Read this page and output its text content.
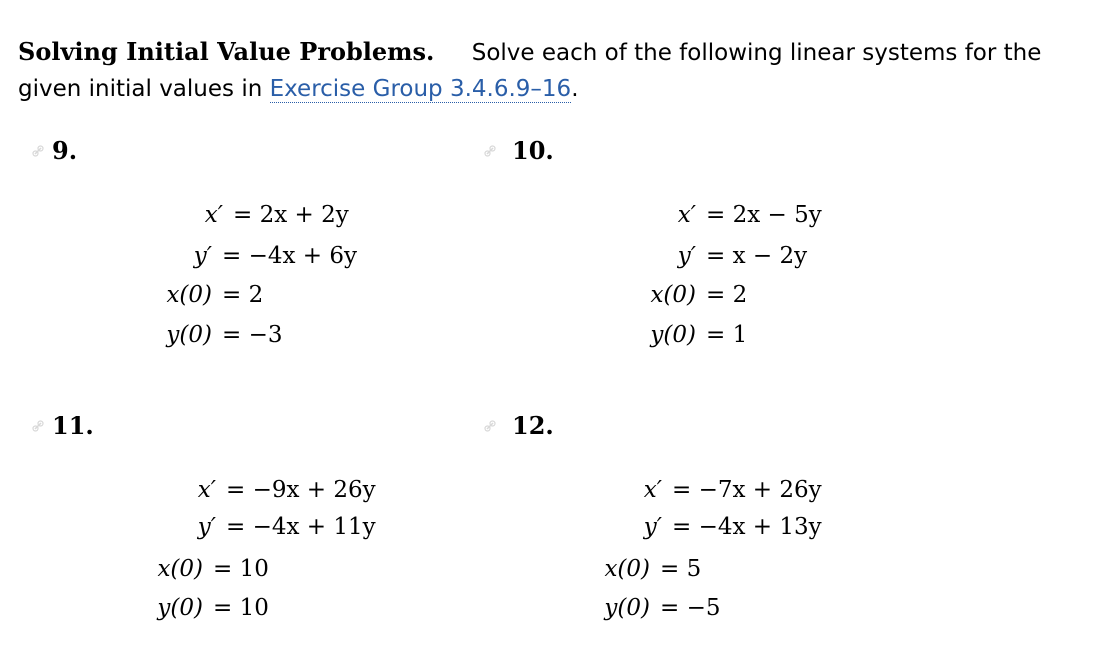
Solving Initial Value Problems. Solve each of the following linear systems for the given initial values in Exercise Group 3.4.6.9–16.
9.
x′ = 2x + 2y
y′ = −4x + 6y
x(0) = 2
y(0) = −3
10.
x′ = 2x − 5y
y′ = x − 2y
x(0) = 2
y(0) = 1
11.
x′ = −9x + 26y
y′ = −4x + 11y
x(0) = 10
y(0) = 10
12.
x′ = −7x + 26y
y′ = −4x + 13y
x(0) = 5
y(0) = −5
